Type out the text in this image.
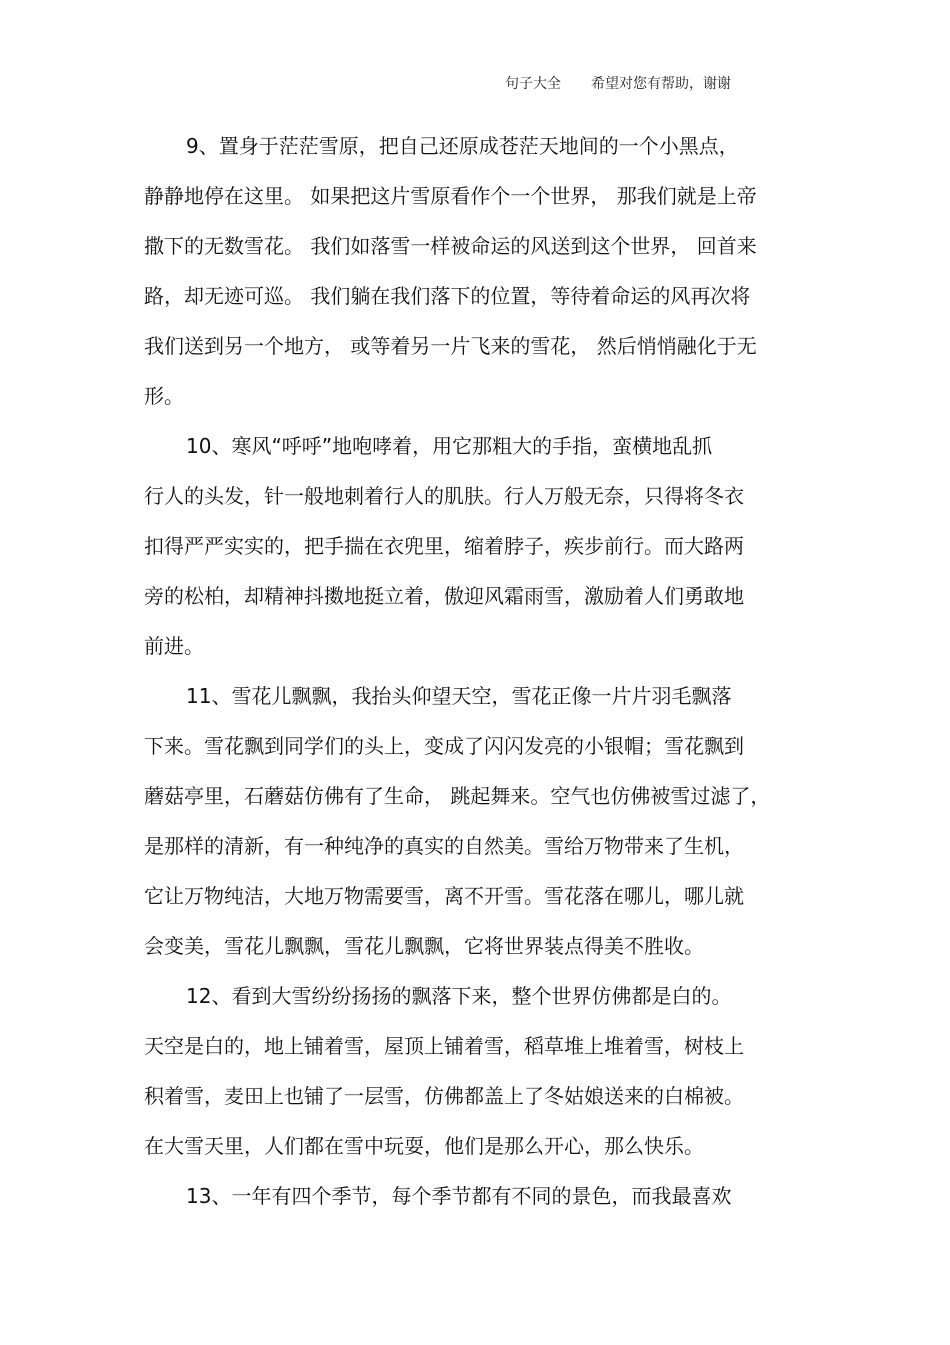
句子大全 希望对您有帮助，谢谢
9、置身于茫茫雪原，把自己还原成苍茫天地间的一个小黑点，
静静地停在这里。 如果把这片雪原看作个一个世界， 那我们就是上帝
撒下的无数雪花。 我们如落雪一样被命运的风送到这个世界， 回首来
路，却无迹可巡。 我们躺在我们落下的位置，等待着命运的风再次将
我们送到另一个地方， 或等着另一片飞来的雪花， 然后悄悄融化于无
形。
10、寒风“呼呼”地咆哮着，用它那粗大的手指，蛮横地乱抓
行人的头发，针一般地刺着行人的肌肤。行人万般无奈，只得将冬衣
扣得严严实实的，把手揣在衣兜里，缩着脖子，疾步前行。而大路两
旁的松柏，却精神抖擞地挺立着，傲迎风霜雨雪，激励着人们勇敢地
前进。
11、雪花儿飘飘，我抬头仰望天空，雪花正像一片片羽毛飘落
下来。雪花飘到同学们的头上，变成了闪闪发亮的小银帽；雪花飘到
蘑菇亭里，石蘑菇仿佛有了生命， 跳起舞来。空气也仿佛被雪过滤了，
是那样的清新，有一种纯净的真实的自然美。雪给万物带来了生机，
它让万物纯洁，大地万物需要雪，离不开雪。雪花落在哪儿，哪儿就
会变美，雪花儿飘飘，雪花儿飘飘，它将世界装点得美不胜收。
12、看到大雪纷纷扬扬的飘落下来，整个世界仿佛都是白的。
天空是白的，地上铺着雪，屋顶上铺着雪，稻草堆上堆着雪，树枝上
积着雪，麦田上也铺了一层雪，仿佛都盖上了冬姑娘送来的白棉被。
在大雪天里，人们都在雪中玩耍，他们是那么开心，那么快乐。
13、一年有四个季节，每个季节都有不同的景色，而我最喜欢
